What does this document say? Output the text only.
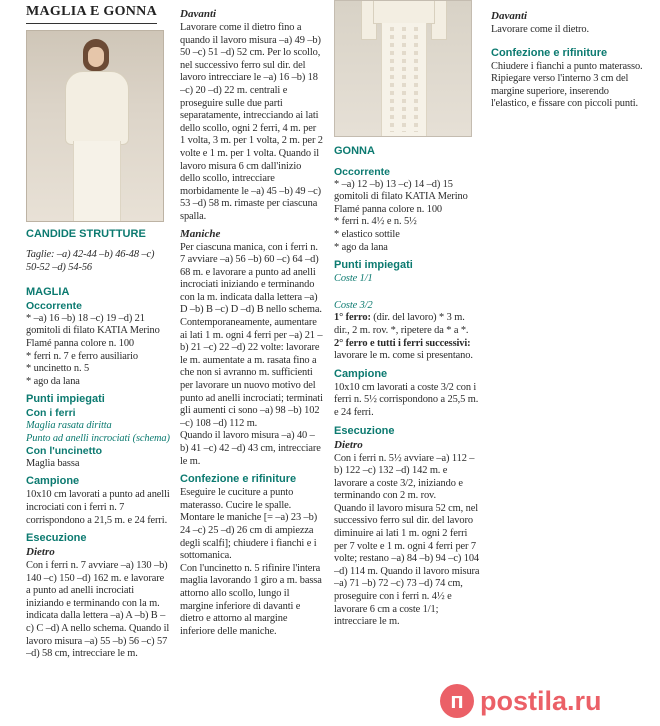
MAGLIA E GONNA
CANDIDE STRUTTURE

Taglie: –a) 42-44 –b) 46-48 –c) 50-52 –d) 54-56

MAGLIA
Occorrente

* –a) 16 –b) 18 –c) 19 –d) 21 gomitoli di filato KATIA Merino Flamé panna colore n. 100

* ferri n. 7 e ferro ausiliario

* uncinetto n. 5

* ago da lana

Punti impiegati
Con i ferri

Maglia rasata diritta

Punto ad anelli incrociati (schema)

Con l'uncinetto

Maglia bassa

Campione

10x10 cm lavorati a punto ad anelli incrociati con i ferri n. 7 corrispondono a 21,5 m. e 24 ferri.

Esecuzione
Dietro

Con i ferri n. 7 avviare –a) 130 –b) 140 –c) 150 –d) 162 m. e lavorare a punto ad anelli incrociati iniziando e terminando con la m. indicata dalla lettera –a) A –b) B –c) C –d) A nello schema. Quando il lavoro misura –a) 55 –b) 56 –c) 57 –d) 58 cm, intrecciare le m.

Davanti

Lavorare come il dietro fino a quando il lavoro misura –a) 49 –b) 50 –c) 51 –d) 52 cm. Per lo scollo, nel successivo ferro sul dir. del lavoro intrecciare le –a) 16 –b) 18 –c) 20 –d) 22 m. centrali e proseguire sulle due parti separatamente, intrecciando ai lati dello scollo, ogni 2 ferri, 4 m. per 1 volta, 3 m. per 1 volta, 2 m. per 2 volte e 1 m. per 1 volta. Quando il lavoro misura 6 cm dall'inizio dello scollo, intrecciare morbidamente le –a) 45 –b) 49 –c) 53 –d) 58 m. rimaste per ciascuna spalla.

Maniche

Per ciascuna manica, con i ferri n. 7 avviare –a) 56 –b) 60 –c) 64 –d) 68 m. e lavorare a punto ad anelli incrociati iniziando e terminando con la m. indicata dalla lettera –a) D –b) B –c) D –d) B nello schema. Contemporaneamente, aumentare ai lati 1 m. ogni 4 ferri per –a) 21 –b) 21 –c) 22 –d) 22 volte: lavorare le m. aumentate a m. rasata fino a che non si avranno m. sufficienti per lavorare un nuovo motivo del punto ad anelli incrociati; terminati gli aumenti ci sono –a) 98 –b) 102 –c) 108 –d) 112 m.

Quando il lavoro misura –a) 40 –b) 41 –c) 42 –d) 43 cm, intrecciare le m.

Confezione e rifiniture

Eseguire le cuciture a punto materasso. Cucire le spalle. Montare le maniche [= –a) 23 –b) 24 –c) 25 –d) 26 cm di ampiezza degli scalfi]; chiudere i fianchi e i sottomanica.

Con l'uncinetto n. 5 rifinire l'intera maglia lavorando 1 giro a m. bassa attorno allo scollo, lungo il margine inferiore di davanti e dietro e attorno al margine inferiore delle maniche.

GONNA
Occorrente

* –a) 12 –b) 13 –c) 14 –d) 15 gomitoli di filato KATIA Merino Flamé panna colore n. 100

* ferri n. 4½ e n. 5½

* elastico sottile

* ago da lana

Punti impiegati

Coste 1/1

Coste 3/2

1° ferro: (dir. del lavoro) * 3 m. dir., 2 m. rov. *, ripetere da * a *.

2° ferro e tutti i ferri successivi: lavorare le m. come si presentano.

Campione

10x10 cm lavorati a coste 3/2 con i ferri n. 5½ corrispondono a 25,5 m. e 24 ferri.

Esecuzione
Dietro

Con i ferri n. 5½ avviare –a) 112 –b) 122 –c) 132 –d) 142 m. e lavorare a coste 3/2, iniziando e terminando con 2 m. rov.

Quando il lavoro misura 52 cm, nel successivo ferro sul dir. del lavoro diminuire ai lati 1 m. ogni 2 ferri per 7 volte e 1 m. ogni 4 ferri per 7 volte; restano –a) 84 –b) 94 –c) 104 –d) 114 m. Quando il lavoro misura –a) 71 –b) 72 –c) 73 –d) 74 cm, proseguire con i ferri n. 4½ e lavorare 6 cm a coste 1/1; intrecciare le m.

Davanti

Lavorare come il dietro.

Confezione e rifiniture

Chiudere i fianchi a punto materasso. Ripiegare verso l'interno 3 cm del margine superiore, inserendo l'elastico, e fissare con piccoli punti.

п postila.ru
